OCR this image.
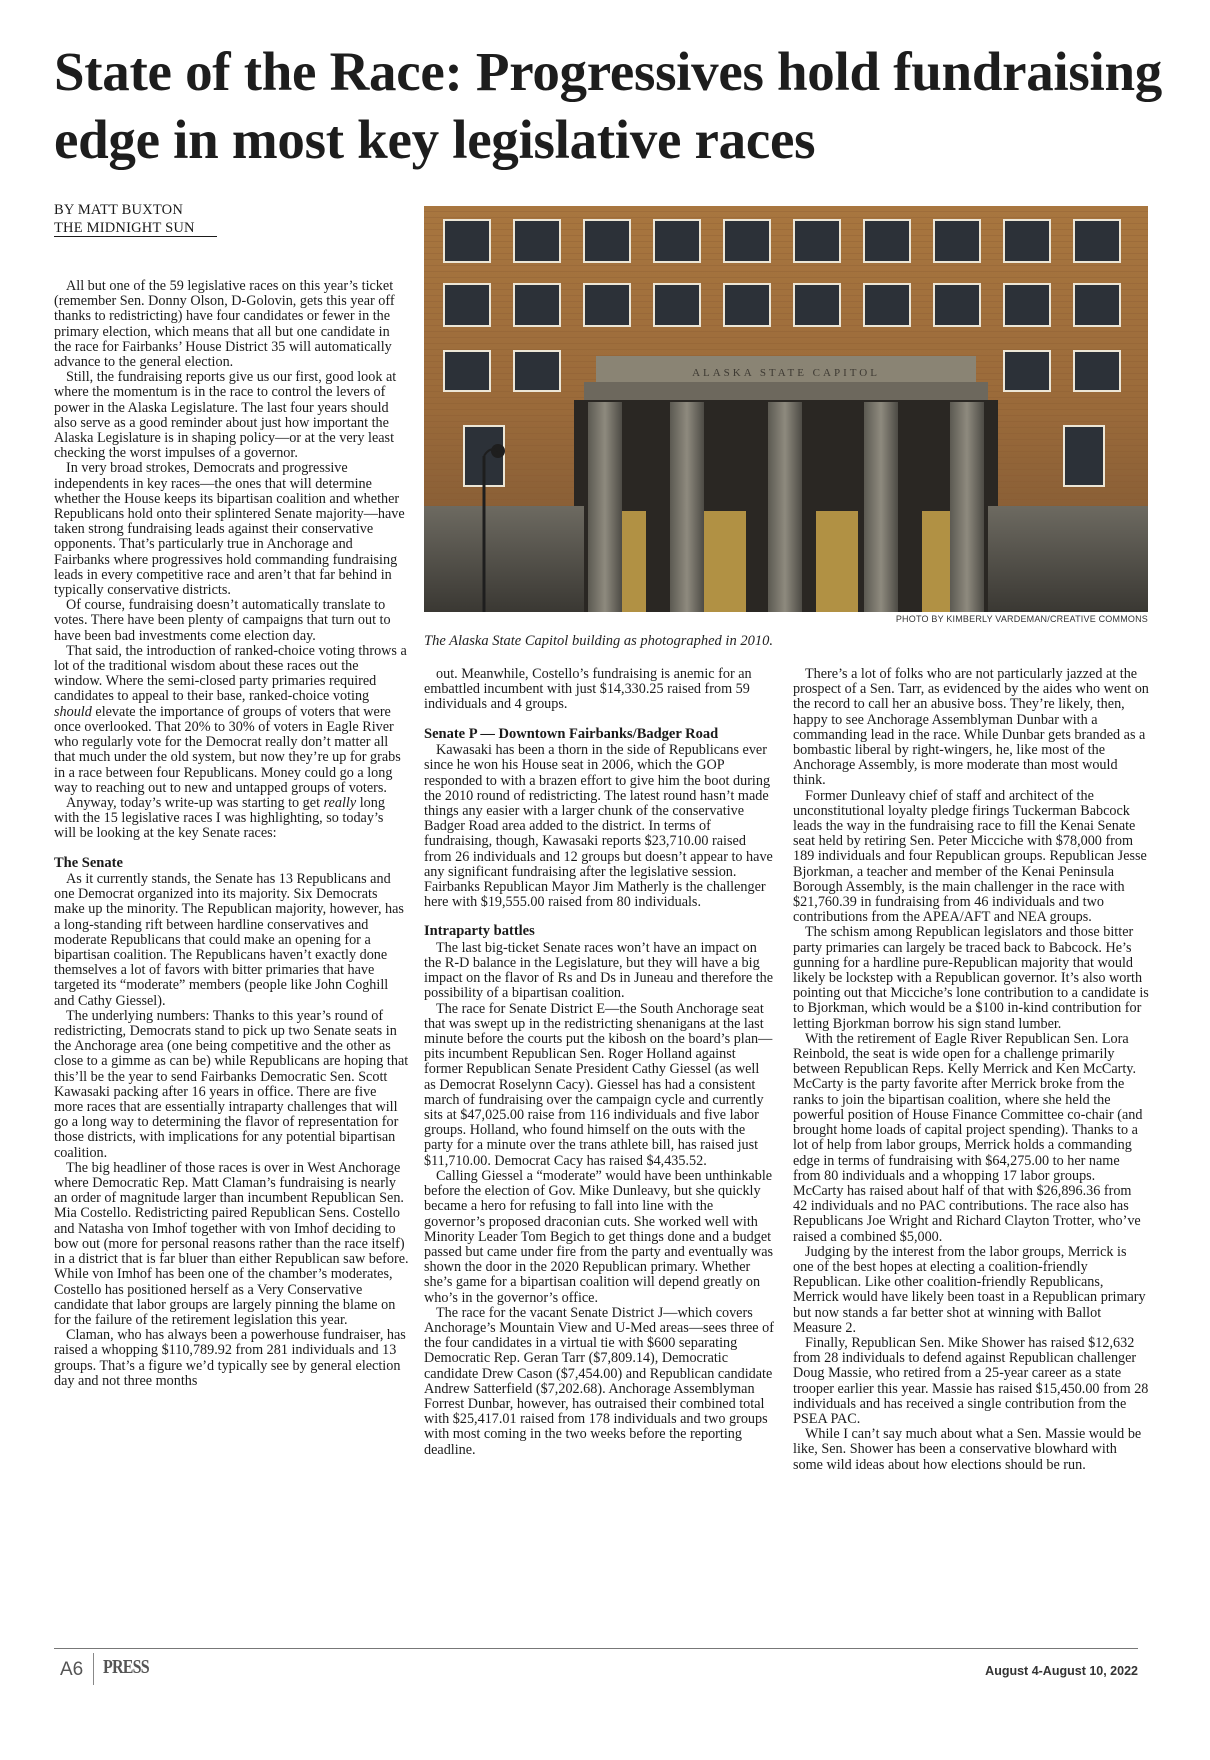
State of the Race: Progressives hold fundraising edge in most key legislative races
BY MATT BUXTON
THE MIDNIGHT SUN
ALASKA STATE CAPITOL
PHOTO BY KIMBERLY VARDEMAN/CREATIVE COMMONS
The Alaska State Capitol building as photographed in 2010.

All but one of the 59 legislative races on this year’s ticket (remember Sen. Donny Olson, D-Golovin, gets this year off thanks to redistricting) have four candidates or fewer in the primary election, which means that all but one candidate in the race for Fairbanks’ House District 35 will automatically advance to the general election.

Still, the fundraising reports give us our first, good look at where the momentum is in the race to control the levers of power in the Alaska Legislature. The last four years should also serve as a good reminder about just how important the Alaska Legislature is in shaping policy—or at the very least checking the worst impulses of a governor.

In very broad strokes, Democrats and progressive independents in key races—the ones that will determine whether the House keeps its bipartisan coalition and whether Republicans hold onto their splintered Senate majority—have taken strong fundraising leads against their conservative opponents. That’s particularly true in Anchorage and Fairbanks where progressives hold commanding fundraising leads in every competitive race and aren’t that far behind in typically conservative districts.

Of course, fundraising doesn’t automatically translate to votes. There have been plenty of campaigns that turn out to have been bad investments come election day.

That said, the introduction of ranked-choice voting throws a lot of the traditional wisdom about these races out the window. Where the semi-closed party primaries required candidates to appeal to their base, ranked-choice voting should elevate the importance of groups of voters that were once overlooked. That 20% to 30% of voters in Eagle River who regularly vote for the Democrat really don’t matter all that much under the old system, but now they’re up for grabs in a race between four Republicans. Money could go a long way to reaching out to new and untapped groups of voters.

Anyway, today’s write-up was starting to get really long with the 15 legislative races I was highlighting, so today’s will be looking at the key Senate races:

The Senate

As it currently stands, the Senate has 13 Republicans and one Democrat organized into its majority. Six Democrats make up the minority. The Republican majority, however, has a long-standing rift between hardline conservatives and moderate Republicans that could make an opening for a bipartisan coalition. The Republicans haven’t exactly done themselves a lot of favors with bitter primaries that have targeted its “moderate” members (people like John Coghill and Cathy Giessel).

The underlying numbers: Thanks to this year’s round of redistricting, Democrats stand to pick up two Senate seats in the Anchorage area (one being competitive and the other as close to a gimme as can be) while Republicans are hoping that this’ll be the year to send Fairbanks Democratic Sen. Scott Kawasaki packing after 16 years in office. There are five more races that are essentially intraparty challenges that will go a long way to determining the flavor of representation for those districts, with implications for any potential bipartisan coalition.

The big headliner of those races is over in West Anchorage where Democratic Rep. Matt Claman’s fundraising is nearly an order of magnitude larger than incumbent Republican Sen. Mia Costello. Redistricting paired Republican Sens. Costello and Natasha von Imhof together with von Imhof deciding to bow out (more for personal reasons rather than the race itself) in a district that is far bluer than either Republican saw before. While von Imhof has been one of the chamber’s moderates, Costello has positioned herself as a Very Conservative candidate that labor groups are largely pinning the blame on for the failure of the retirement legislation this year.

Claman, who has always been a powerhouse fundraiser, has raised a whopping $110,789.92 from 281 individuals and 13 groups. That’s a figure we’d typically see by general election day and not three months

out. Meanwhile, Costello’s fundraising is anemic for an embattled incumbent with just $14,330.25 raised from 59 individuals and 4 groups.

Senate P — Downtown Fairbanks/Badger Road

Kawasaki has been a thorn in the side of Republicans ever since he won his House seat in 2006, which the GOP responded to with a brazen effort to give him the boot during the 2010 round of redistricting. The latest round hasn’t made things any easier with a larger chunk of the conservative Badger Road area added to the district. In terms of fundraising, though, Kawasaki reports $23,710.00 raised from 26 individuals and 12 groups but doesn’t appear to have any significant fundraising after the legislative session. Fairbanks Republican Mayor Jim Matherly is the challenger here with $19,555.00 raised from 80 individuals.

Intraparty battles

The last big-ticket Senate races won’t have an impact on the R-D balance in the Legislature, but they will have a big impact on the flavor of Rs and Ds in Juneau and therefore the possibility of a bipartisan coalition.

The race for Senate District E—the South Anchorage seat that was swept up in the redistricting shenanigans at the last minute before the courts put the kibosh on the board’s plan—pits incumbent Republican Sen. Roger Holland against former Republican Senate President Cathy Giessel (as well as Democrat Roselynn Cacy). Giessel has had a consistent march of fundraising over the campaign cycle and currently sits at $47,025.00 raise from 116 individuals and five labor groups. Holland, who found himself on the outs with the party for a minute over the trans athlete bill, has raised just $11,710.00. Democrat Cacy has raised $4,435.52.

Calling Giessel a “moderate” would have been unthinkable before the election of Gov. Mike Dunleavy, but she quickly became a hero for refusing to fall into line with the governor’s proposed draconian cuts. She worked well with Minority Leader Tom Begich to get things done and a budget passed but came under fire from the party and eventually was shown the door in the 2020 Republican primary. Whether she’s game for a bipartisan coalition will depend greatly on who’s in the governor’s office.

The race for the vacant Senate District J—which covers Anchorage’s Mountain View and U-Med areas—sees three of the four candidates in a virtual tie with $600 separating Democratic Rep. Geran Tarr ($7,809.14), Democratic candidate Drew Cason ($7,454.00) and Republican candidate Andrew Satterfield ($7,202.68). Anchorage Assemblyman Forrest Dunbar, however, has outraised their combined total with $25,417.01 raised from 178 individuals and two groups with most coming in the two weeks before the reporting deadline.

There’s a lot of folks who are not particularly jazzed at the prospect of a Sen. Tarr, as evidenced by the aides who went on the record to call her an abusive boss. They’re likely, then, happy to see Anchorage Assemblyman Dunbar with a commanding lead in the race. While Dunbar gets branded as a bombastic liberal by right-wingers, he, like most of the Anchorage Assembly, is more moderate than most would think.

Former Dunleavy chief of staff and architect of the unconstitutional loyalty pledge firings Tuckerman Babcock leads the way in the fundraising race to fill the Kenai Senate seat held by retiring Sen. Peter Micciche with $78,000 from 189 individuals and four Republican groups. Republican Jesse Bjorkman, a teacher and member of the Kenai Peninsula Borough Assembly, is the main challenger in the race with $21,760.39 in fundraising from 46 individuals and two contributions from the APEA/AFT and NEA groups.

The schism among Republican legislators and those bitter party primaries can largely be traced back to Babcock. He’s gunning for a hardline pure-Republican majority that would likely be lockstep with a Republican governor. It’s also worth pointing out that Micciche’s lone contribution to a candidate is to Bjorkman, which would be a $100 in-kind contribution for letting Bjorkman borrow his sign stand lumber.

With the retirement of Eagle River Republican Sen. Lora Reinbold, the seat is wide open for a challenge primarily between Republican Reps. Kelly Merrick and Ken McCarty. McCarty is the party favorite after Merrick broke from the ranks to join the bipartisan coalition, where she held the powerful position of House Finance Committee co-chair (and brought home loads of capital project spending). Thanks to a lot of help from labor groups, Merrick holds a commanding edge in terms of fundraising with $64,275.00 to her name from 80 individuals and a whopping 17 labor groups. McCarty has raised about half of that with $26,896.36 from 42 individuals and no PAC contributions. The race also has Republicans Joe Wright and Richard Clayton Trotter, who’ve raised a combined $5,000.

Judging by the interest from the labor groups, Merrick is one of the best hopes at electing a coalition-friendly Republican. Like other coalition-friendly Republicans, Merrick would have likely been toast in a Republican primary but now stands a far better shot at winning with Ballot Measure 2.

Finally, Republican Sen. Mike Shower has raised $12,632 from 28 individuals to defend against Republican challenger Doug Massie, who retired from a 25-year career as a state trooper earlier this year. Massie has raised $15,450.00 from 28 individuals and has received a single contribution from the PSEA PAC.

While I can’t say much about what a Sen. Massie would be like, Sen. Shower has been a conservative blowhard with some wild ideas about how elections should be run.

A6 PRESS	August 4-August 10, 2022
